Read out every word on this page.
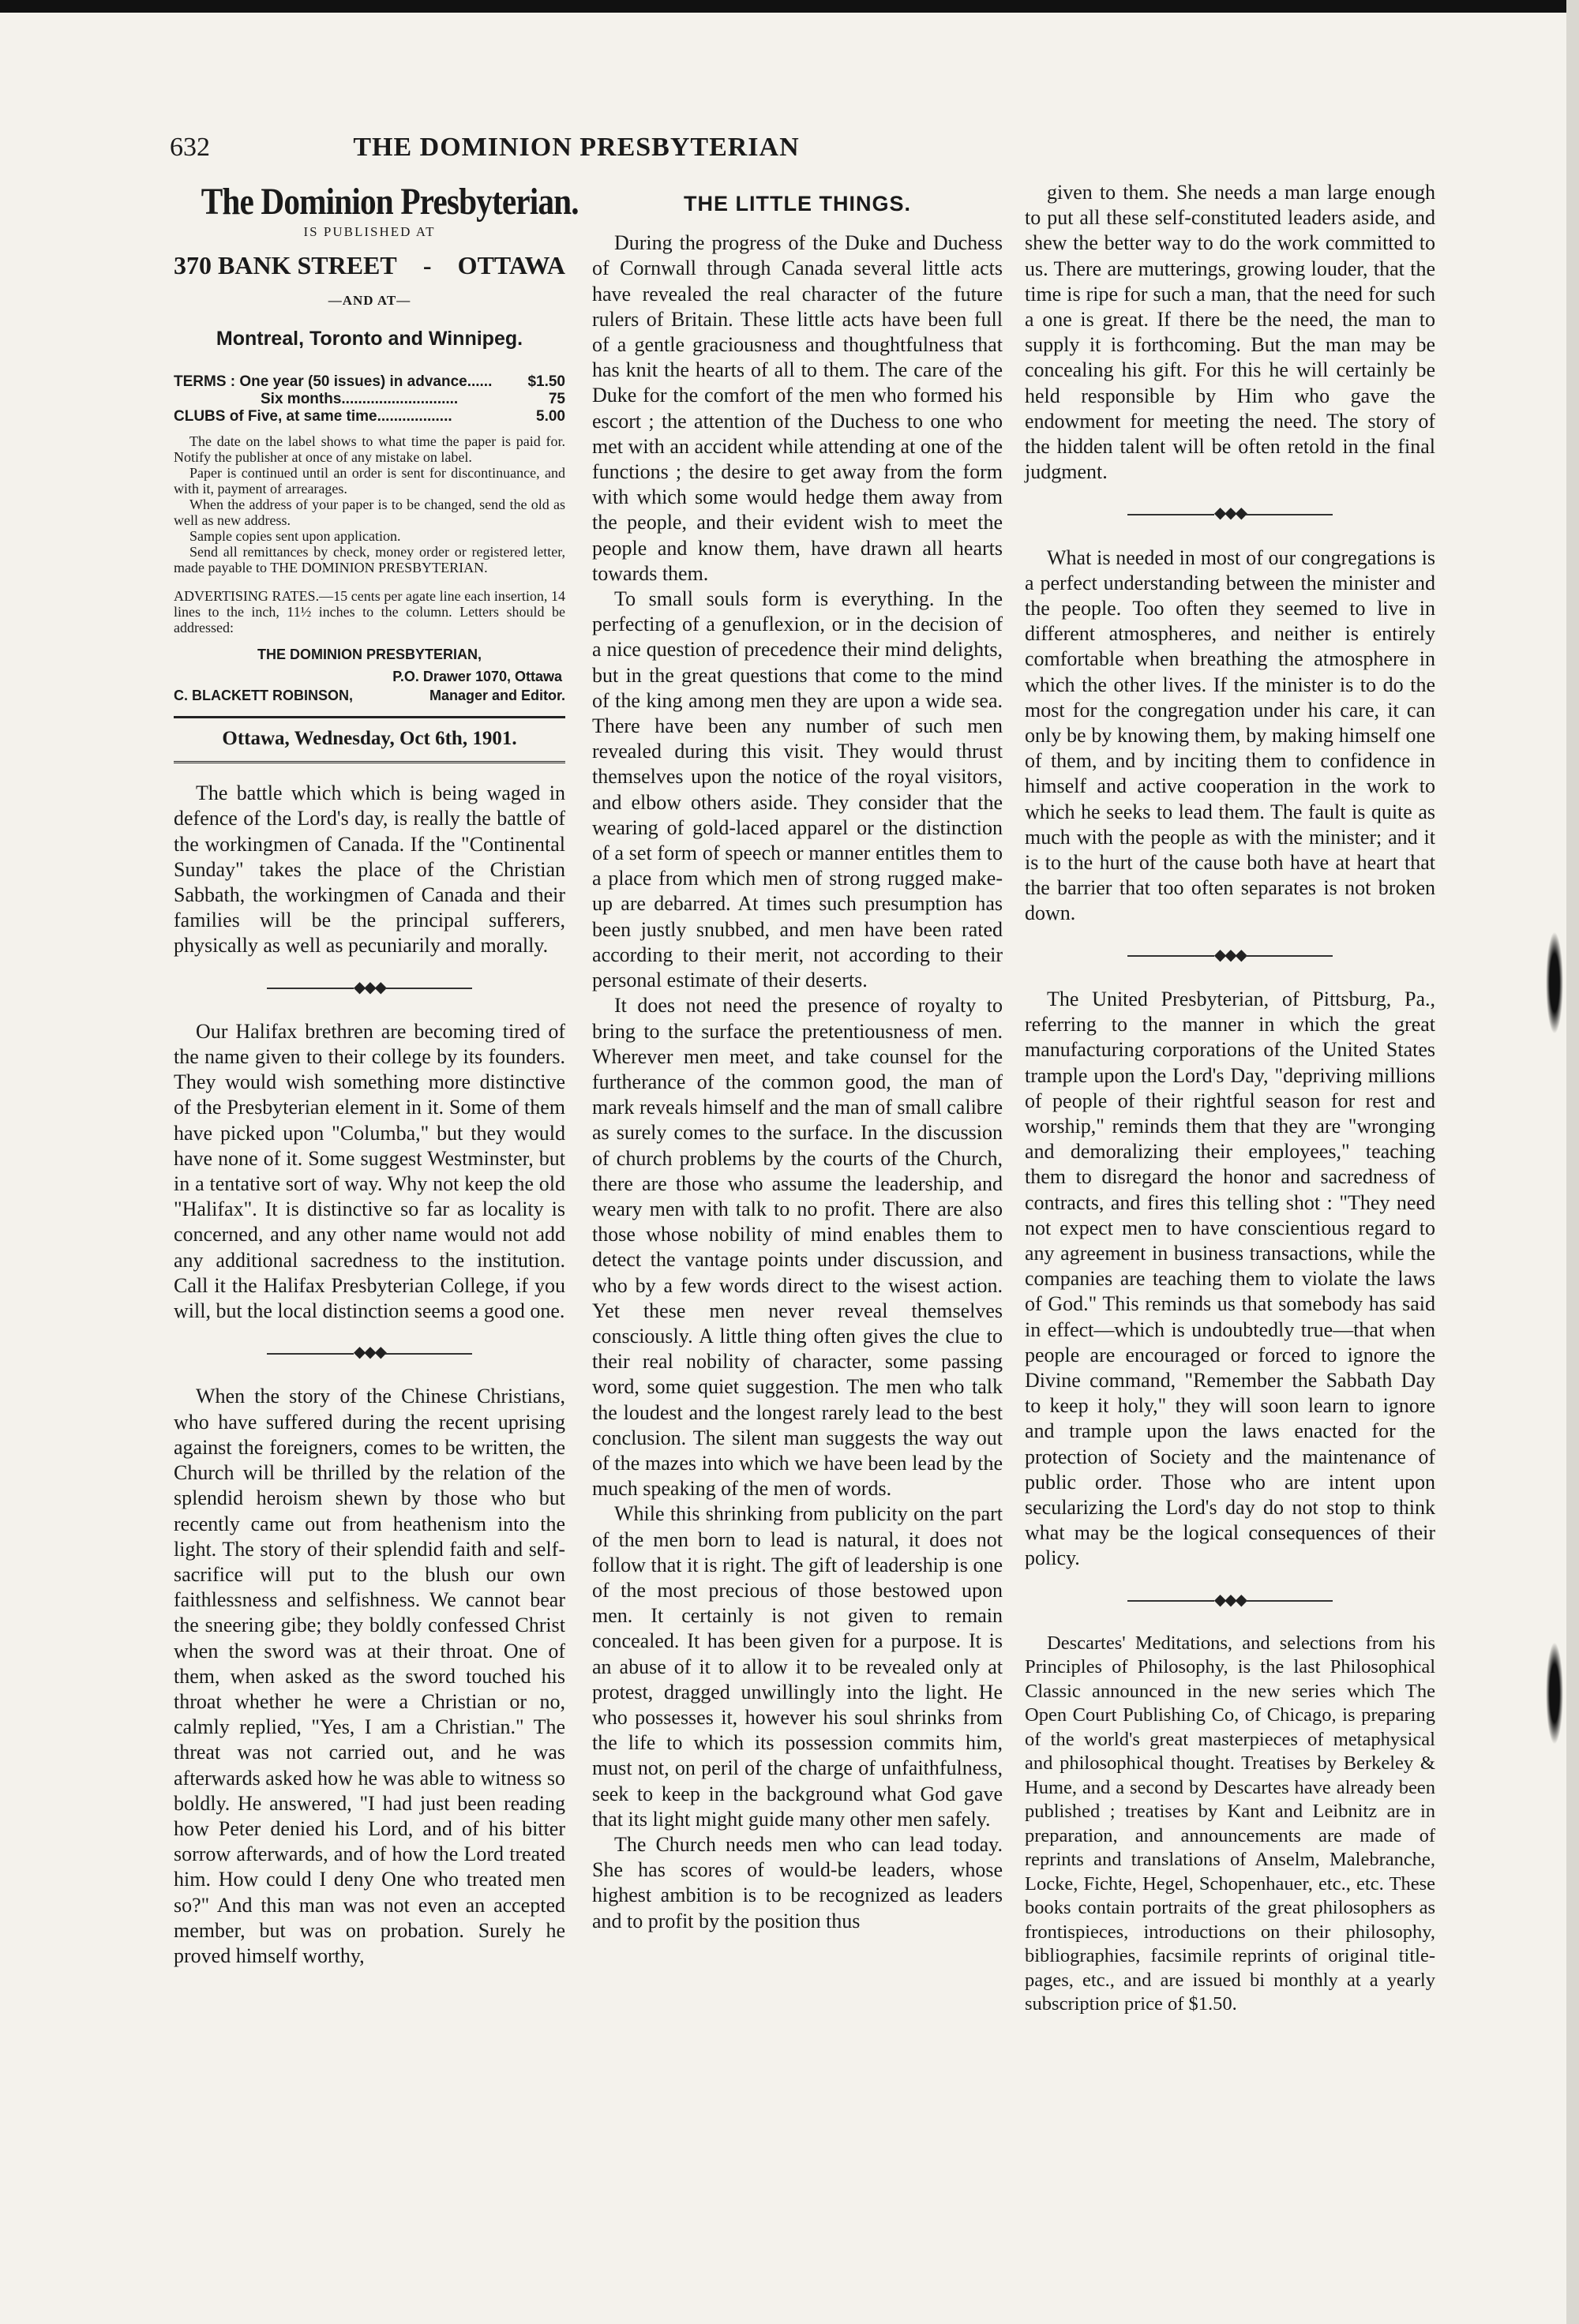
632	THE DOMINION PRESBYTERIAN
The Dominion Presbyterian.
IS PUBLISHED AT
370 BANK STREET - OTTAWA
—AND AT—
Montreal, Toronto and Winnipeg.
TERMS : One year (50 issues) in advance...... $1.50
Six months............................	75
CLUBS of Five, at same time..................	5.00

The date on the label shows to what time the paper is paid for. Notify the publisher at once of any mistake on label.

Paper is continued until an order is sent for discontinuance, and with it, payment of arrearages.

When the address of your paper is to be changed, send the old as well as new address.

Sample copies sent upon application.

Send all remittances by check, money order or registered letter, made payable to THE DOMINION PRESBYTERIAN.

ADVERTISING RATES.—15 cents per agate line each insertion, 14 lines to the inch, 11½ inches to the column. Letters should be addressed:
THE DOMINION PRESBYTERIAN,
P.O. Drawer 1070, Ottawa
C. BLACKETT ROBINSON,	Manager and Editor.
Ottawa, Wednesday, Oct 6th, 1901.

The battle which which is being waged in defence of the Lord's day, is really the battle of the workingmen of Canada. If the "Continental Sunday" takes the place of the Christian Sabbath, the workingmen of Canada and their families will be the principal sufferers, physically as well as pecuniarily and morally.

◆◆◆

Our Halifax brethren are becoming tired of the name given to their college by its founders. They would wish something more distinctive of the Presbyterian element in it. Some of them have picked upon "Columba," but they would have none of it. Some suggest Westminster, but in a tentative sort of way. Why not keep the old "Halifax". It is distinctive so far as locality is concerned, and any other name would not add any additional sacredness to the institution. Call it the Halifax Presbyterian College, if you will, but the local distinction seems a good one.

◆◆◆

When the story of the Chinese Christians, who have suffered during the recent uprising against the foreigners, comes to be written, the Church will be thrilled by the relation of the splendid heroism shewn by those who but recently came out from heathenism into the light. The story of their splendid faith and self-sacrifice will put to the blush our own faithlessness and selfishness. We cannot bear the sneering gibe; they boldly confessed Christ when the sword was at their throat. One of them, when asked as the sword touched his throat whether he were a Christian or no, calmly replied, "Yes, I am a Christian." The threat was not carried out, and he was afterwards asked how he was able to witness so boldly. He answered, "I had just been reading how Peter denied his Lord, and of his bitter sorrow afterwards, and of how the Lord treated him. How could I deny One who treated men so?" And this man was not even an accepted member, but was on probation. Surely he proved himself worthy,

THE LITTLE THINGS.

During the progress of the Duke and Duchess of Cornwall through Canada several little acts have revealed the real character of the future rulers of Britain. These little acts have been full of a gentle graciousness and thoughtfulness that has knit the hearts of all to them. The care of the Duke for the comfort of the men who formed his escort ; the attention of the Duchess to one who met with an accident while attending at one of the functions ; the desire to get away from the form with which some would hedge them away from the people, and their evident wish to meet the people and know them, have drawn all hearts towards them.

To small souls form is everything. In the perfecting of a genuflexion, or in the decision of a nice question of precedence their mind delights, but in the great questions that come to the mind of the king among men they are upon a wide sea. There have been any number of such men revealed during this visit. They would thrust themselves upon the notice of the royal visitors, and elbow others aside. They consider that the wearing of gold-laced apparel or the distinction of a set form of speech or manner entitles them to a place from which men of strong rugged make-up are debarred. At times such presumption has been justly snubbed, and men have been rated according to their merit, not according to their personal estimate of their deserts.

It does not need the presence of royalty to bring to the surface the pretentiousness of men. Wherever men meet, and take counsel for the furtherance of the common good, the man of mark reveals himself and the man of small calibre as surely comes to the surface. In the discussion of church problems by the courts of the Church, there are those who assume the leadership, and weary men with talk to no profit. There are also those whose nobility of mind enables them to detect the vantage points under discussion, and who by a few words direct to the wisest action. Yet these men never reveal themselves consciously. A little thing often gives the clue to their real nobility of character, some passing word, some quiet suggestion. The men who talk the loudest and the longest rarely lead to the best conclusion. The silent man suggests the way out of the mazes into which we have been lead by the much speaking of the men of words.

While this shrinking from publicity on the part of the men born to lead is natural, it does not follow that it is right. The gift of leadership is one of the most precious of those bestowed upon men. It certainly is not given to remain concealed. It has been given for a purpose. It is an abuse of it to allow it to be revealed only at protest, dragged unwillingly into the light. He who possesses it, however his soul shrinks from the life to which its possession commits him, must not, on peril of the charge of unfaithfulness, seek to keep in the background what God gave that its light might guide many other men safely.

The Church needs men who can lead today. She has scores of would-be leaders, whose highest ambition is to be recognized as leaders and to profit by the position thus

given to them. She needs a man large enough to put all these self-constituted leaders aside, and shew the better way to do the work committed to us. There are mutterings, growing louder, that the time is ripe for such a man, that the need for such a one is great. If there be the need, the man to supply it is forthcoming. But the man may be concealing his gift. For this he will certainly be held responsible by Him who gave the endowment for meeting the need. The story of the hidden talent will be often retold in the final judgment.

◆◆◆

What is needed in most of our congregations is a perfect understanding between the minister and the people. Too often they seemed to live in different atmospheres, and neither is entirely comfortable when breathing the atmosphere in which the other lives. If the minister is to do the most for the congregation under his care, it can only be by knowing them, by making himself one of them, and by inciting them to confidence in himself and active cooperation in the work to which he seeks to lead them. The fault is quite as much with the people as with the minister; and it is to the hurt of the cause both have at heart that the barrier that too often separates is not broken down.

◆◆◆

The United Presbyterian, of Pittsburg, Pa., referring to the manner in which the great manufacturing corporations of the United States trample upon the Lord's Day, "depriving millions of people of their rightful season for rest and worship," reminds them that they are "wronging and demoralizing their employees," teaching them to disregard the honor and sacredness of contracts, and fires this telling shot : "They need not expect men to have conscientious regard to any agreement in business transactions, while the companies are teaching them to violate the laws of God." This reminds us that somebody has said in effect—which is undoubtedly true—that when people are encouraged or forced to ignore the Divine command, "Remember the Sabbath Day to keep it holy," they will soon learn to ignore and trample upon the laws enacted for the protection of Society and the maintenance of public order. Those who are intent upon secularizing the Lord's day do not stop to think what may be the logical consequences of their policy.

◆◆◆

Descartes' Meditations, and selections from his Principles of Philosophy, is the last Philosophical Classic announced in the new series which The Open Court Publishing Co, of Chicago, is preparing of the world's great masterpieces of metaphysical and philosophical thought. Treatises by Berkeley & Hume, and a second by Descartes have already been published ; treatises by Kant and Leibnitz are in preparation, and announcements are made of reprints and translations of Anselm, Malebranche, Locke, Fichte, Hegel, Schopenhauer, etc., etc. These books contain portraits of the great philosophers as frontispieces, introductions on their philosophy, bibliographies, facsimile reprints of original title-pages, etc., and are issued bi monthly at a yearly subscription price of $1.50.
